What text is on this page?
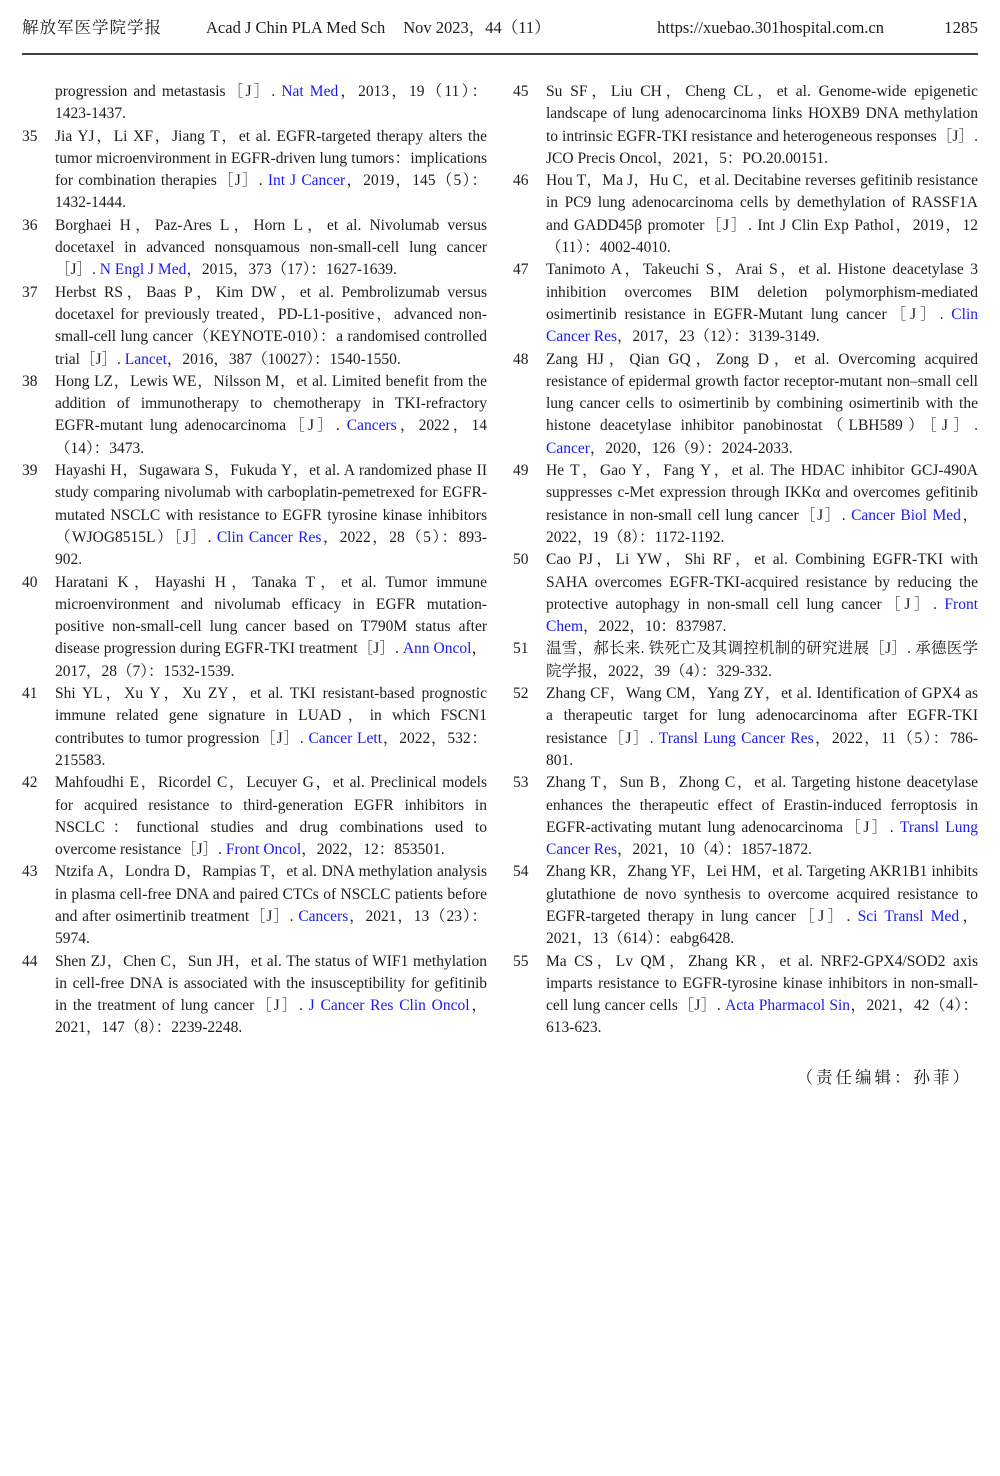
解放军医学院学报	Acad J Chin PLA Med Sch Nov 2023，44（11）	https://xuebao.301hospital.com.cn	1285
progression and metastasis［J］. Nat Med，2013，19（11）：1423-1437.
35 Jia YJ，Li XF，Jiang T，et al. EGFR-targeted therapy alters the tumor microenvironment in EGFR-driven lung tumors：implications for combination therapies［J］. Int J Cancer，2019，145（5）：1432-1444.
36 Borghaei H，Paz-Ares L，Horn L，et al. Nivolumab versus docetaxel in advanced nonsquamous non-small-cell lung cancer［J］. N Engl J Med，2015，373（17）：1627-1639.
37 Herbst RS，Baas P，Kim DW，et al. Pembrolizumab versus docetaxel for previously treated，PD-L1-positive，advanced non-small-cell lung cancer（KEYNOTE-010）：a randomised controlled trial［J］. Lancet，2016，387（10027）：1540-1550.
38 Hong LZ，Lewis WE，Nilsson M，et al. Limited benefit from the addition of immunotherapy to chemotherapy in TKI-refractory EGFR-mutant lung adenocarcinoma［J］. Cancers，2022，14（14）：3473.
39 Hayashi H，Sugawara S，Fukuda Y，et al. A randomized phase II study comparing nivolumab with carboplatin-pemetrexed for EGFR-mutated NSCLC with resistance to EGFR tyrosine kinase inhibitors（WJOG8515L）［J］. Clin Cancer Res，2022，28（5）：893-902.
40 Haratani K，Hayashi H，Tanaka T，et al. Tumor immune microenvironment and nivolumab efficacy in EGFR mutation-positive non-small-cell lung cancer based on T790M status after disease progression during EGFR-TKI treatment［J］. Ann Oncol，2017，28（7）：1532-1539.
41 Shi YL，Xu Y，Xu ZY，et al. TKI resistant-based prognostic immune related gene signature in LUAD，in which FSCN1 contributes to tumor progression［J］. Cancer Lett，2022，532：215583.
42 Mahfoudhi E，Ricordel C，Lecuyer G，et al. Preclinical models for acquired resistance to third-generation EGFR inhibitors in NSCLC：functional studies and drug combinations used to overcome resistance［J］. Front Oncol，2022，12：853501.
43 Ntzifa A，Londra D，Rampias T，et al. DNA methylation analysis in plasma cell-free DNA and paired CTCs of NSCLC patients before and after osimertinib treatment［J］. Cancers，2021，13（23）：5974.
44 Shen ZJ，Chen C，Sun JH，et al. The status of WIF1 methylation in cell-free DNA is associated with the insusceptibility for gefitinib in the treatment of lung cancer［J］. J Cancer Res Clin Oncol，2021，147（8）：2239-2248.
45 Su SF，Liu CH，Cheng CL，et al. Genome-wide epigenetic landscape of lung adenocarcinoma links HOXB9 DNA methylation to intrinsic EGFR-TKI resistance and heterogeneous responses［J］. JCO Precis Oncol，2021，5：PO.20.00151.
46 Hou T，Ma J，Hu C，et al. Decitabine reverses gefitinib resistance in PC9 lung adenocarcinoma cells by demethylation of RASSF1A and GADD45β promoter［J］. Int J Clin Exp Pathol，2019，12（11）：4002-4010.
47 Tanimoto A，Takeuchi S，Arai S，et al. Histone deacetylase 3 inhibition overcomes BIM deletion polymorphism-mediated osimertinib resistance in EGFR-Mutant lung cancer［J］. Clin Cancer Res，2017，23（12）：3139-3149.
48 Zang HJ，Qian GQ，Zong D，et al. Overcoming acquired resistance of epidermal growth factor receptor-mutant non–small cell lung cancer cells to osimertinib by combining osimertinib with the histone deacetylase inhibitor panobinostat（LBH589）［J］. Cancer，2020，126（9）：2024-2033.
49 He T，Gao Y，Fang Y，et al. The HDAC inhibitor GCJ-490A suppresses c-Met expression through IKKα and overcomes gefitinib resistance in non-small cell lung cancer［J］. Cancer Biol Med，2022，19（8）：1172-1192.
50 Cao PJ，Li YW，Shi RF，et al. Combining EGFR-TKI with SAHA overcomes EGFR-TKI-acquired resistance by reducing the protective autophagy in non-small cell lung cancer［J］. Front Chem，2022，10：837987.
51 温雪，郝长来. 铁死亡及其调控机制的研究进展［J］. 承德医学院学报，2022，39（4）：329-332.
52 Zhang CF，Wang CM，Yang ZY，et al. Identification of GPX4 as a therapeutic target for lung adenocarcinoma after EGFR-TKI resistance［J］. Transl Lung Cancer Res，2022，11（5）：786-801.
53 Zhang T，Sun B，Zhong C，et al. Targeting histone deacetylase enhances the therapeutic effect of Erastin-induced ferroptosis in EGFR-activating mutant lung adenocarcinoma［J］. Transl Lung Cancer Res，2021，10（4）：1857-1872.
54 Zhang KR，Zhang YF，Lei HM，et al. Targeting AKR1B1 inhibits glutathione de novo synthesis to overcome acquired resistance to EGFR-targeted therapy in lung cancer［J］. Sci Transl Med，2021，13（614）：eabg6428.
55 Ma CS，Lv QM，Zhang KR，et al. NRF2-GPX4/SOD2 axis imparts resistance to EGFR-tyrosine kinase inhibitors in non-small-cell lung cancer cells［J］. Acta Pharmacol Sin，2021，42（4）：613-623.
（责任编辑：孙菲）
